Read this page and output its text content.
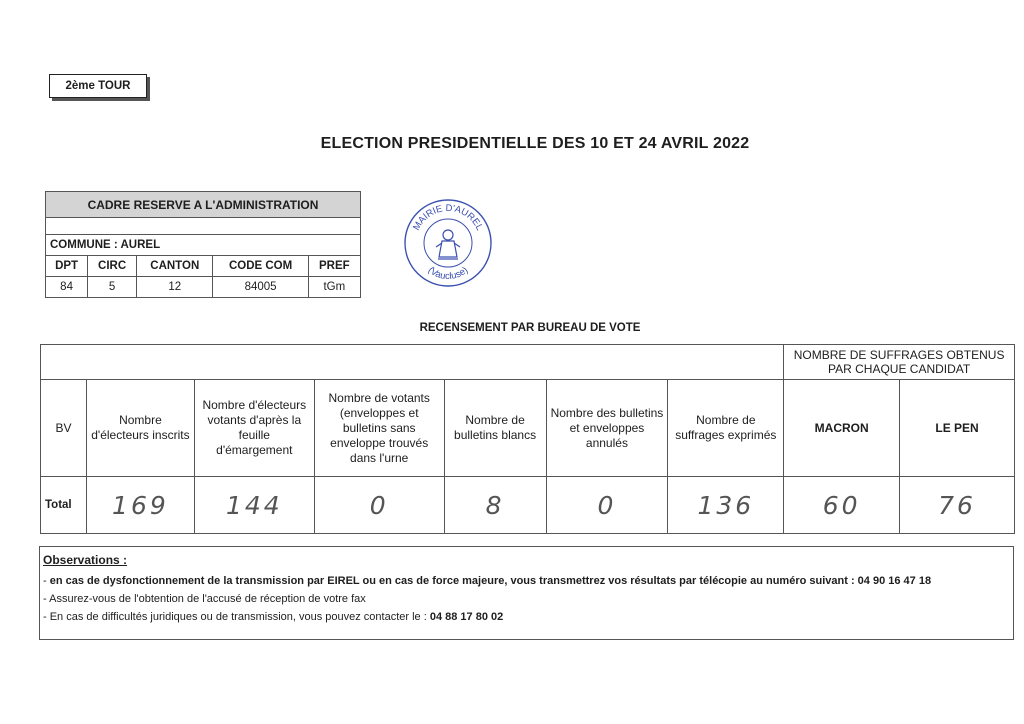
2ème TOUR
ELECTION PRESIDENTIELLE DES 10 ET 24 AVRIL 2022
CADRE RESERVE A L'ADMINISTRATION				

COMMUNE : AUREL				
DPT	CIRC	CANTON	CODE COM	PREF
84	5	12	84005	tGm
MAIRIE D'AUREL
(Vaucluse)
RECENSEMENT PAR BUREAU DE VOTE
							NOMBRE DE SUFFRAGES OBTENUS PAR CHAQUE CANDIDAT	
BV	Nombre d'électeurs inscrits	Nombre d'électeurs votants d'après la feuille d'émargement	Nombre de votants (enveloppes et bulletins sans enveloppe trouvés dans l'urne	Nombre de bulletins blancs	Nombre des bulletins et enveloppes annulés	Nombre de suffrages exprimés	MACRON	LE PEN
Total	169	144	0	8	0	136	60	76
Observations :
- en cas de dysfonctionnement de la transmission par EIREL ou en cas de force majeure, vous transmettrez vos résultats par télécopie au numéro suivant : 04 90 16 47 18
- Assurez-vous de l'obtention de l'accusé de réception de votre fax
- En cas de difficultés juridiques ou de transmission, vous pouvez contacter le : 04 88 17 80 02
